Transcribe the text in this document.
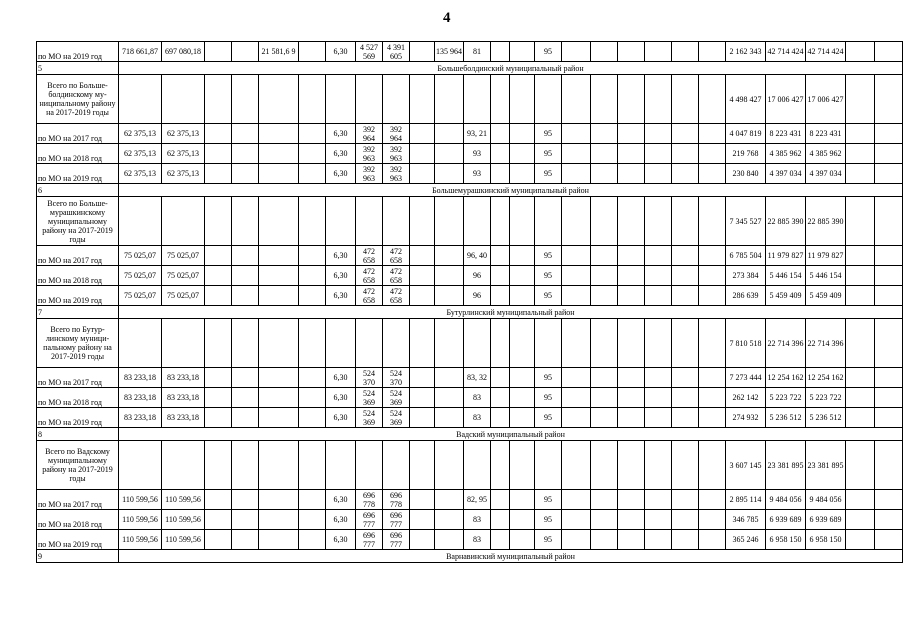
4
по МО на 2019 год	718 661,87	697 080,18			21 581,6 9		6,30	4 527 569	4 391 605		135 964	81			95							2 162 343	42 714 424	42 714 424		
5	Большеболдинский муниципальный район																									
Всего по Больше-болдинскому му-ниципальному району на 2017-2019 годы																						4 498 427	17 006 427	17 006 427		
по МО на 2017 год	62 375,13	62 375,13					6,30	392 964	392 964			93, 21			95							4 047 819	8 223 431	8 223 431		
по МО на 2018 год	62 375,13	62 375,13					6,30	392 963	392 963			93			95							219 768	4 385 962	4 385 962		
по МО на 2019 год	62 375,13	62 375,13					6,30	392 963	392 963			93			95							230 840	4 397 034	4 397 034		
6	Большемурашкинский муниципальный район																									
Всего по Больше-мурашкинскому муниципальному району на 2017-2019 годы																						7 345 527	22 885 390	22 885 390		
по МО на 2017 год	75 025,07	75 025,07					6,30	472 658	472 658			96, 40			95							6 785 504	11 979 827	11 979 827		
по МО на 2018 год	75 025,07	75 025,07					6,30	472 658	472 658			96			95							273 384	5 446 154	5 446 154		
по МО на 2019 год	75 025,07	75 025,07					6,30	472 658	472 658			96			95							286 639	5 459 409	5 459 409		
7	Бутурлинский муниципальный район																									
Всего по Бутур-линскому муници-пальному району на 2017-2019 годы																						7 810 518	22 714 396	22 714 396		
по МО на 2017 год	83 233,18	83 233,18					6,30	524 370	524 370			83, 32			95							7 273 444	12 254 162	12 254 162		
по МО на 2018 год	83 233,18	83 233,18					6,30	524 369	524 369			83			95							262 142	5 223 722	5 223 722		
по МО на 2019 год	83 233,18	83 233,18					6,30	524 369	524 369			83			95							274 932	5 236 512	5 236 512		
8	Вадский муниципальный район																									
Всего по Вадскому муниципальному району на 2017-2019 годы																						3 607 145	23 381 895	23 381 895		
по МО на 2017 год	110 599,56	110 599,56					6,30	696 778	696 778			82, 95			95							2 895 114	9 484 056	9 484 056		
по МО на 2018 год	110 599,56	110 599,56					6,30	696 777	696 777			83			95							346 785	6 939 689	6 939 689		
по МО на 2019 год	110 599,56	110 599,56					6,30	696 777	696 777			83			95							365 246	6 958 150	6 958 150		
9	Варнавинский муниципальный район																									
